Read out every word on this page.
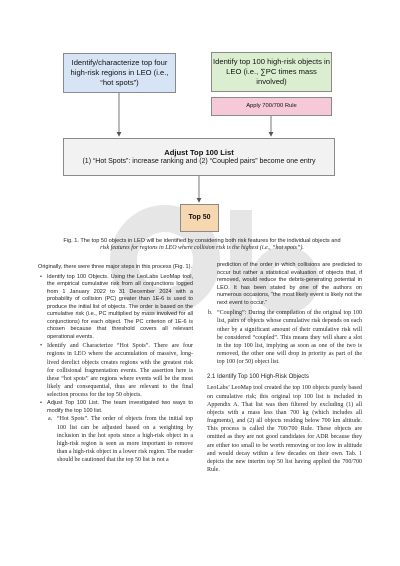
Identify/characterize top four high-risk regions in LEO (i.e., “hot spots”)
Identify top 100 high-risk objects in LEO (i.e., ∑PC times mass involved)
Apply 700/700 Rule
Adjust Top 100 List
(1) “Hot Spots”: increase ranking and (2) “Coupled pairs” become one entry
Top 50
Fig. 1. The top 50 objects in LEO will be identified by considering both risk features for the individual objects and
risk features for regions in LEO where collision risk is the highest (i.e., “hot spots”).

Originally, there were three major steps in this process (Fig. 1).

• Identify top 100 Objects. Using the LeoLabs LeoMap tool, the empirical cumulative risk from all conjunctions logged from 1 January 2022 to 31 December 2024 with a probability of collision (PC) greater than 1E-6 is used to produce the initial list of objects. The order is based on the cumulative risk (i.e., PC multiplied by mass involved for all conjunctions) for each object. The PC criterion of 1E-6 is chosen because that threshold covers all relevant operational events.
• Identify and Characterize “Hot Spots”. There are four regions in LEO where the accumulation of massive, long-lived derelict objects creates regions with the greatest risk for collisional fragmentation events. The assertion here is these “hot spots” are regions where events will be the most likely and consequential, thus are relevant to the final selection process for the top 50 objects.
• Adjust Top 100 List. The team investigated two ways to modify the top 100 list.
a. “Hot Spots”. The order of objects from the initial top 100 list can be adjusted based on a weighting by inclusion in the hot spots since a high-risk object in a high-risk region is seen as more important to remove than a high-risk object in a lower risk region. The reader should be cautioned that the top 50 list is not a

prediction of the order in which collisions are predicted to occur but rather a statistical evaluation of objects that, if removed, would reduce the debris-generating potential in LEO. It has been stated by one of the authors on numerous occasions, “the most likely event is likely not the next event to occur.”

b. “Coupling”: During the compilation of the original top 100 list, pairs of objects whose cumulative risk depends on each other by a significant amount of their cumulative risk will be considered “coupled”. This means they will share a slot in the top 100 list, implying as soon as one of the two is removed, the other one will drop in priority as part of the top 100 (or 50) object list.
2.1 Identify Top 100 High-Risk Objects

LeoLabs’ LeoMap tool created the top 100 objects purely based on cumulative risk; this original top 100 list is included in Appendix A. That list was then filtered by excluding (1) all objects with a mass less than 700 kg (which includes all fragments), and (2) all objects residing below 700 km altitude. This process is called the 700/700 Rule. These objects are omitted as they are not good candidates for ADR because they are either too small to be worth removing or too low in altitude and would decay within a few decades on their own. Tab. 1 depicts the new interim top 50 list having applied the 700/700 Rule.
